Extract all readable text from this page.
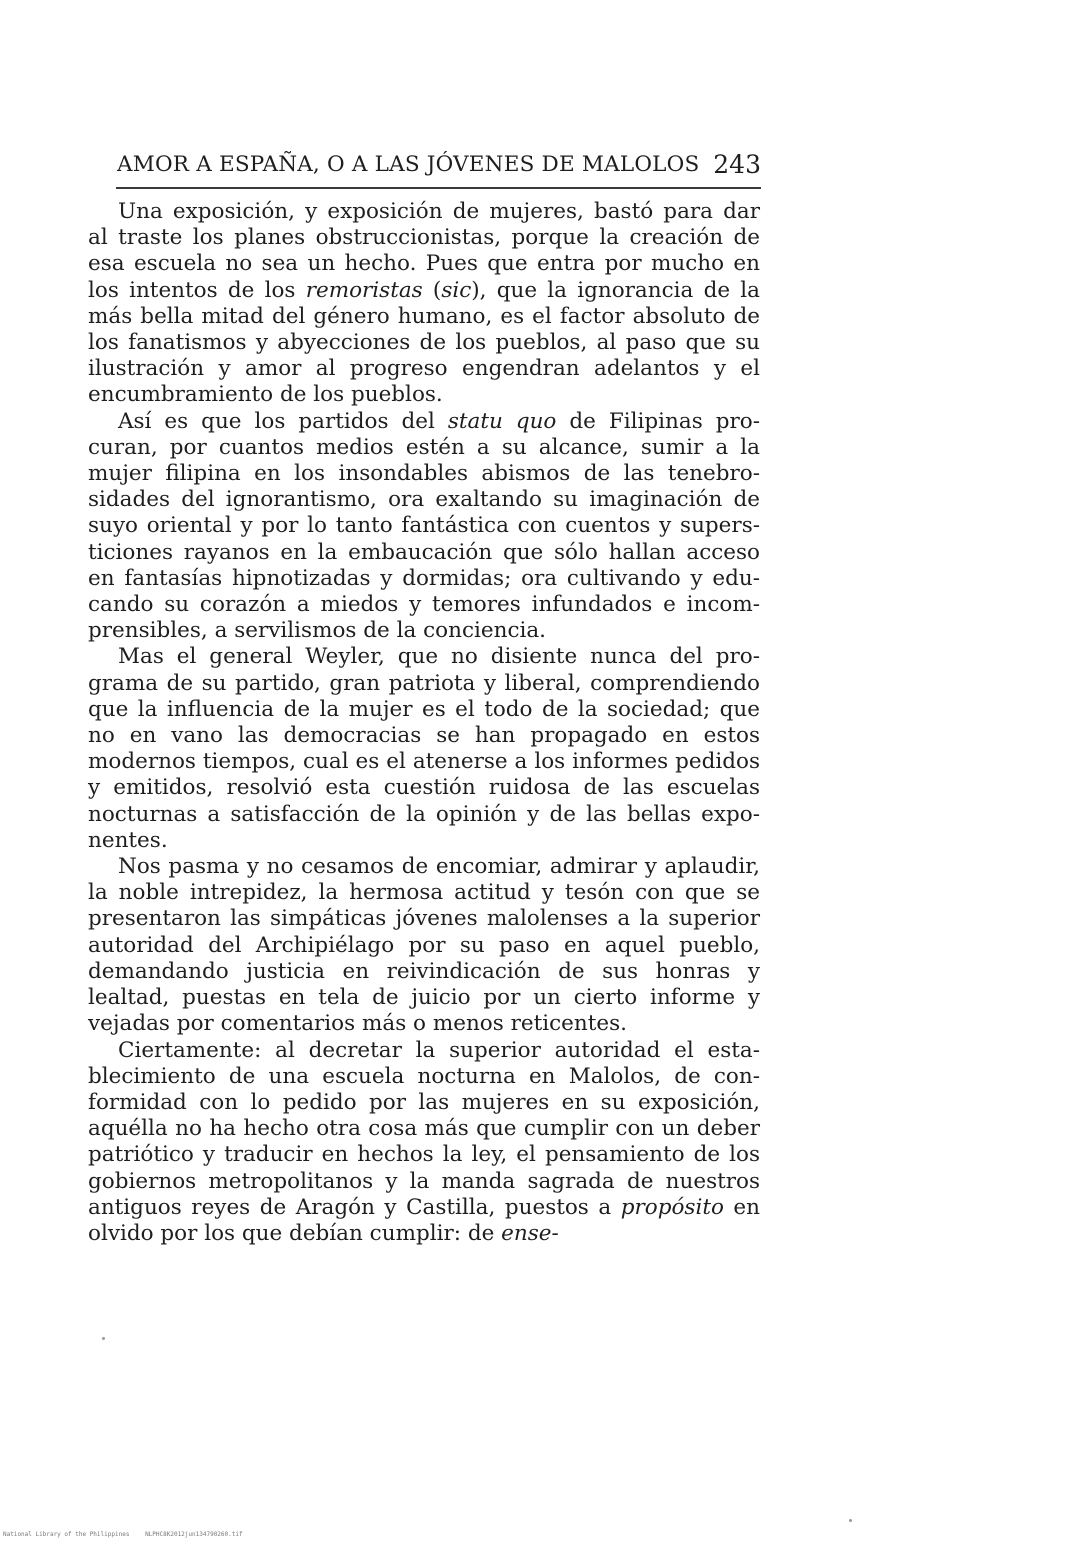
AMOR A ESPAÑA, O A LAS JÓVENES DE MALOLOS 243

Una exposición, y exposición de mujeres, bastó para dar al traste los planes obstruccionistas, porque la creación de esa escuela no sea un hecho. Pues que entra por mucho en los intentos de los remoristas (sic), que la ignorancia de la más bella mitad del género humano, es el factor absoluto de los fanatismos y abyecciones de los pueblos, al paso que su ilustración y amor al progreso engendran adelantos y el encumbramiento de los pueblos.

Así es que los partidos del statu quo de Filipinas procuran, por cuantos medios estén a su alcance, sumir a la mujer filipina en los insondables abismos de las tenebrosidades del ignorantismo, ora exaltando su imaginación de suyo oriental y por lo tanto fantástica con cuentos y supersticiones rayanos en la embaucación que sólo hallan acceso en fantasías hipnotizadas y dormidas; ora cultivando y educando su corazón a miedos y temores infundados e incomprensibles, a servilismos de la conciencia.

Mas el general Weyler, que no disiente nunca del programa de su partido, gran patriota y liberal, comprendiendo que la influencia de la mujer es el todo de la sociedad; que no en vano las democracias se han propagado en estos modernos tiempos, cual es el atenerse a los informes pedidos y emitidos, resolvió esta cuestión ruidosa de las escuelas nocturnas a satisfacción de la opinión y de las bellas exponentes.

Nos pasma y no cesamos de encomiar, admirar y aplaudir, la noble intrepidez, la hermosa actitud y tesón con que se presentaron las simpáticas jóvenes malolenses a la superior autoridad del Archipiélago por su paso en aquel pueblo, demandando justicia en reivindicación de sus honras y lealtad, puestas en tela de juicio por un cierto informe y vejadas por comentarios más o menos reticentes.

Ciertamente: al decretar la superior autoridad el establecimiento de una escuela nocturna en Malolos, de conformidad con lo pedido por las mujeres en su exposición, aquélla no ha hecho otra cosa más que cumplir con un deber patriótico y traducir en hechos la ley, el pensamiento de los gobiernos metropolitanos y la manda sagrada de nuestros antiguos reyes de Aragón y Castilla, puestos a propósito en olvido por los que debían cumplir: de ense-

National Library of the Philippines	NLPHC8K2012jun134790260.tif
